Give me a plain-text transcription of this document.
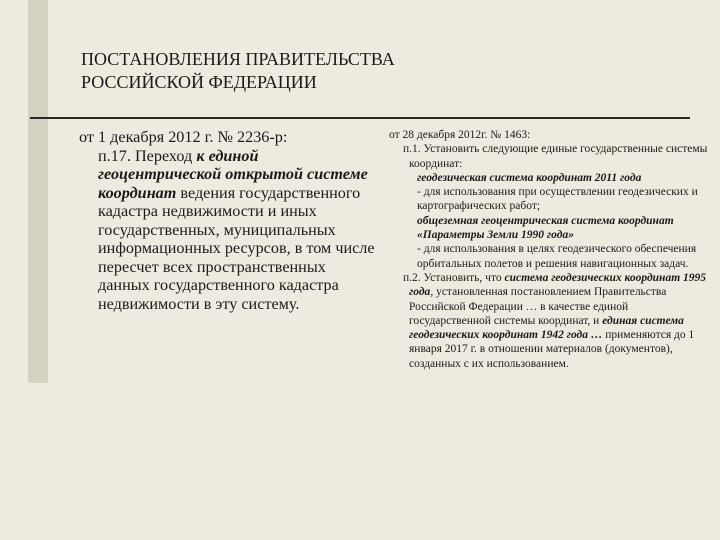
ПОСТАНОВЛЕНИЯ ПРАВИТЕЛЬСТВА
РОССИЙСКОЙ ФЕДЕРАЦИИ
от 1 декабря 2012 г. № 2236-р:
п.17. Переход к единой геоцентрической открытой системе координат ведения государственного кадастра недвижимости и иных государственных, муниципальных информационных ресурсов, в том числе пересчет всех пространственных данных государственного кадастра недвижимости в эту систему.

от 28 декабря 2012г. № 1463:

п.1. Установить следующие единые государственные системы координат:

геодезическая система координат 2011 года

- для использования при осуществлении геодезических и картографических работ;

общеземная геоцентрическая система координат «Параметры Земли 1990 года»

- для использования в целях геодезического обеспечения орбитальных полетов и решения навигационных задач.

п.2. Установить, что система геодезических координат 1995 года, установленная постановлением Правительства Российской Федерации … в качестве единой государственной системы координат, и единая система геодезических координат 1942 года … применяются до 1 января 2017 г. в отношении материалов (документов), созданных с их использованием.
